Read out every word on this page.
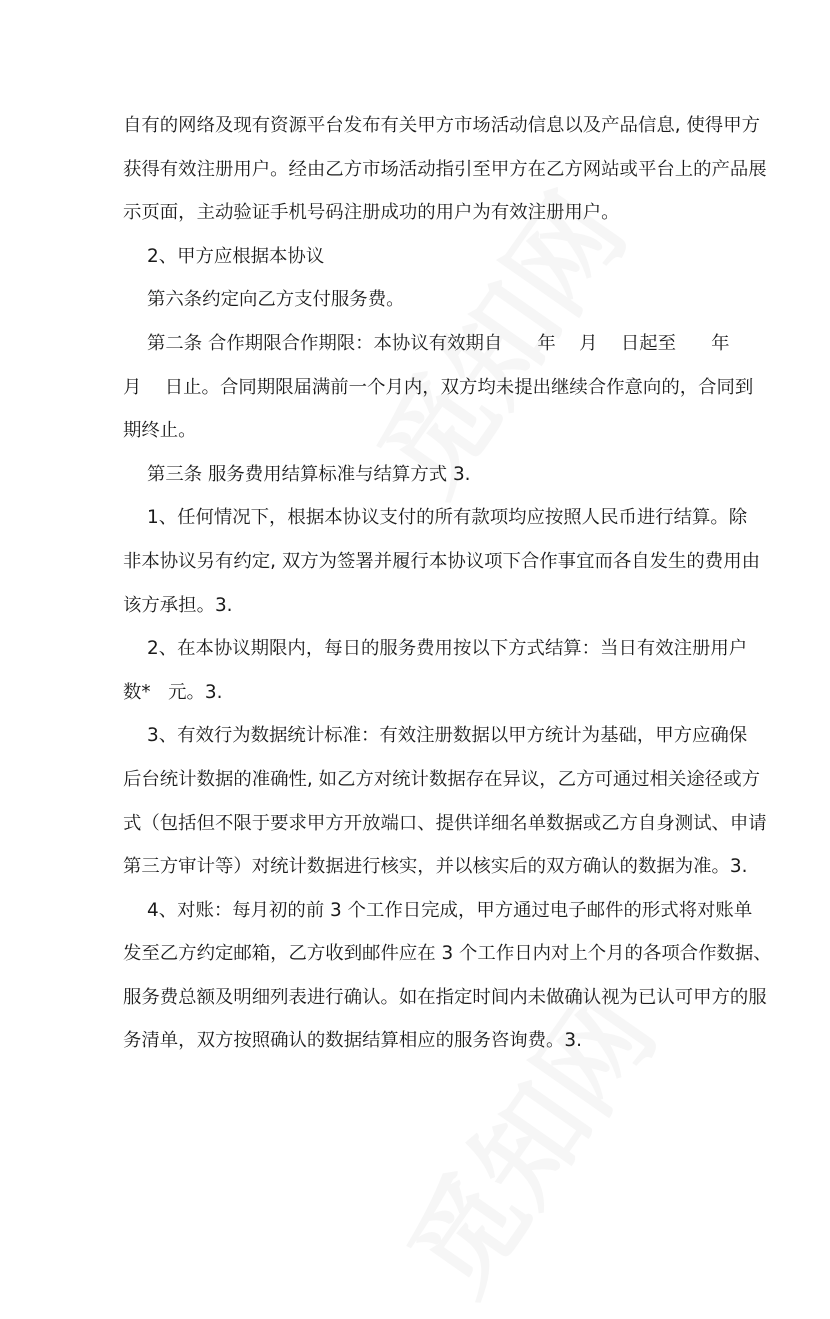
自有的网络及现有资源平台发布有关甲方市场活动信息以及产品信息, 使得甲方
获得有效注册用户。经由乙方市场活动指引至甲方在乙方网站或平台上的产品展
示页面，主动验证手机号码注册成功的用户为有效注册用户。
2、甲方应根据本协议
第六条约定向乙方支付服务费。
第二条 合作期限合作期限：本协议有效期自      年    月    日起至      年
月    日止。合同期限届满前一个月内，双方均未提出继续合作意向的，合同到
期终止。
第三条 服务费用结算标准与结算方式 3.
1、任何情况下，根据本协议支付的所有款项均应按照人民币进行结算。除
非本协议另有约定, 双方为签署并履行本协议项下合作事宜而各自发生的费用由
该方承担。3.
2、在本协议期限内，每日的服务费用按以下方式结算：当日有效注册用户
数*   元。3.
3、有效行为数据统计标准：有效注册数据以甲方统计为基础，甲方应确保
后台统计数据的准确性, 如乙方对统计数据存在异议，乙方可通过相关途径或方
式（包括但不限于要求甲方开放端口、提供详细名单数据或乙方自身测试、申请
第三方审计等）对统计数据进行核实，并以核实后的双方确认的数据为准。3.
4、对账：每月初的前 3 个工作日完成，甲方通过电子邮件的形式将对账单
发至乙方约定邮箱，乙方收到邮件应在 3 个工作日内对上个月的各项合作数据、
服务费总额及明细列表进行确认。如在指定时间内未做确认视为已认可甲方的服
务清单，双方按照确认的数据结算相应的服务咨询费。3.
